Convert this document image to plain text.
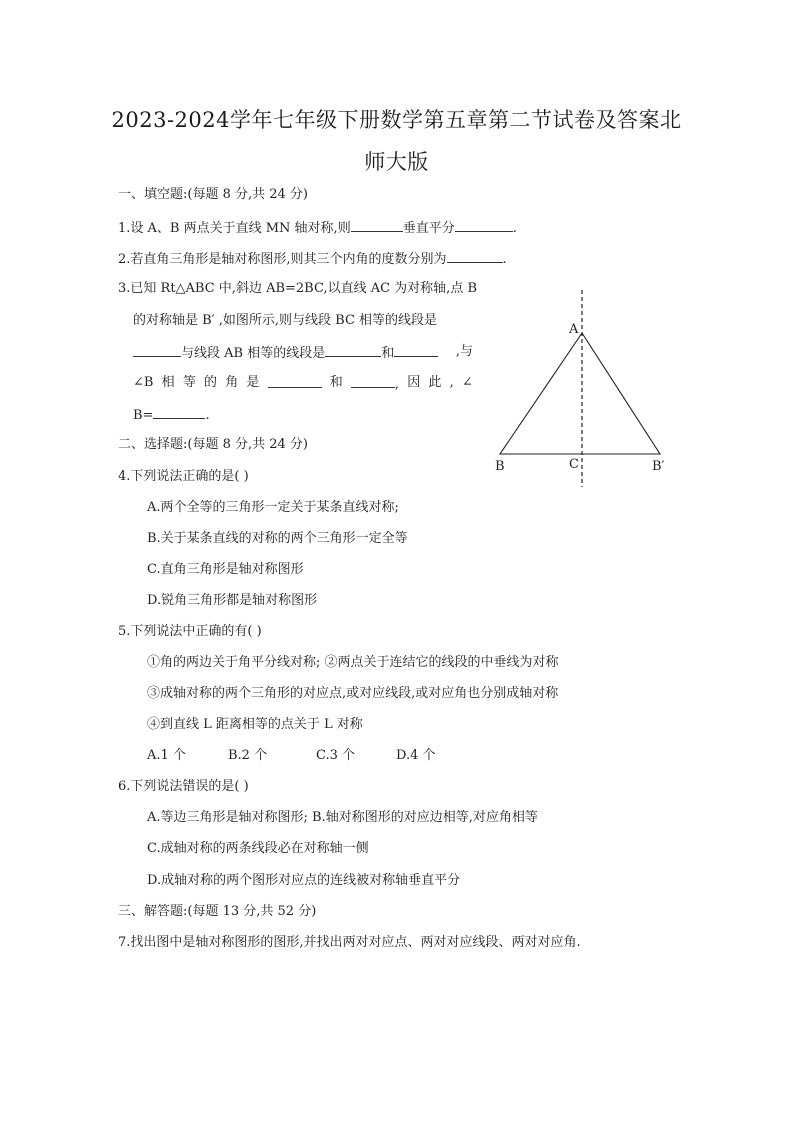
2023-2024学年七年级下册数学第五章第二节试卷及答案北
师大版
一、填空题:(每题 8 分,共 24 分)
1.设 A、B 两点关于直线 MN 轴对称,则	垂直平分	.
2.若直角三角形是轴对称图形,则其三个内角的度数分别为	.
3.已知 Rt△ABC 中,斜边 AB=2BC,以直线 AC 为对称轴,点 B
的对称轴是 B′ ,如图所示,则与线段 BC 相等的线段是
与线段 AB 相等的线段是	和	,与
∠B 相 等 的 角 是	和	, 因 此 , ∠
B=	.
A
B	C	B′
二、选择题:(每题 8 分,共 24 分)
4.下列说法正确的是( )
A.两个全等的三角形一定关于某条直线对称;
B.关于某条直线的对称的两个三角形一定全等
C.直角三角形是轴对称图形
D.锐角三角形都是轴对称图形
5.下列说法中正确的有( )
①角的两边关于角平分线对称; ②两点关于连结它的线段的中垂线为对称
③成轴对称的两个三角形的对应点,或对应线段,或对应角也分别成轴对称
④到直线 L 距离相等的点关于 L 对称
A.1 个	B.2 个	C.3 个	D.4 个
6.下列说法错误的是( )
A.等边三角形是轴对称图形; B.轴对称图形的对应边相等,对应角相等
C.成轴对称的两条线段必在对称轴一侧
D.成轴对称的两个图形对应点的连线被对称轴垂直平分
三、解答题:(每题 13 分,共 52 分)
7.找出图中是轴对称图形的图形,并找出两对对应点、两对对应线段、两对对应角.
